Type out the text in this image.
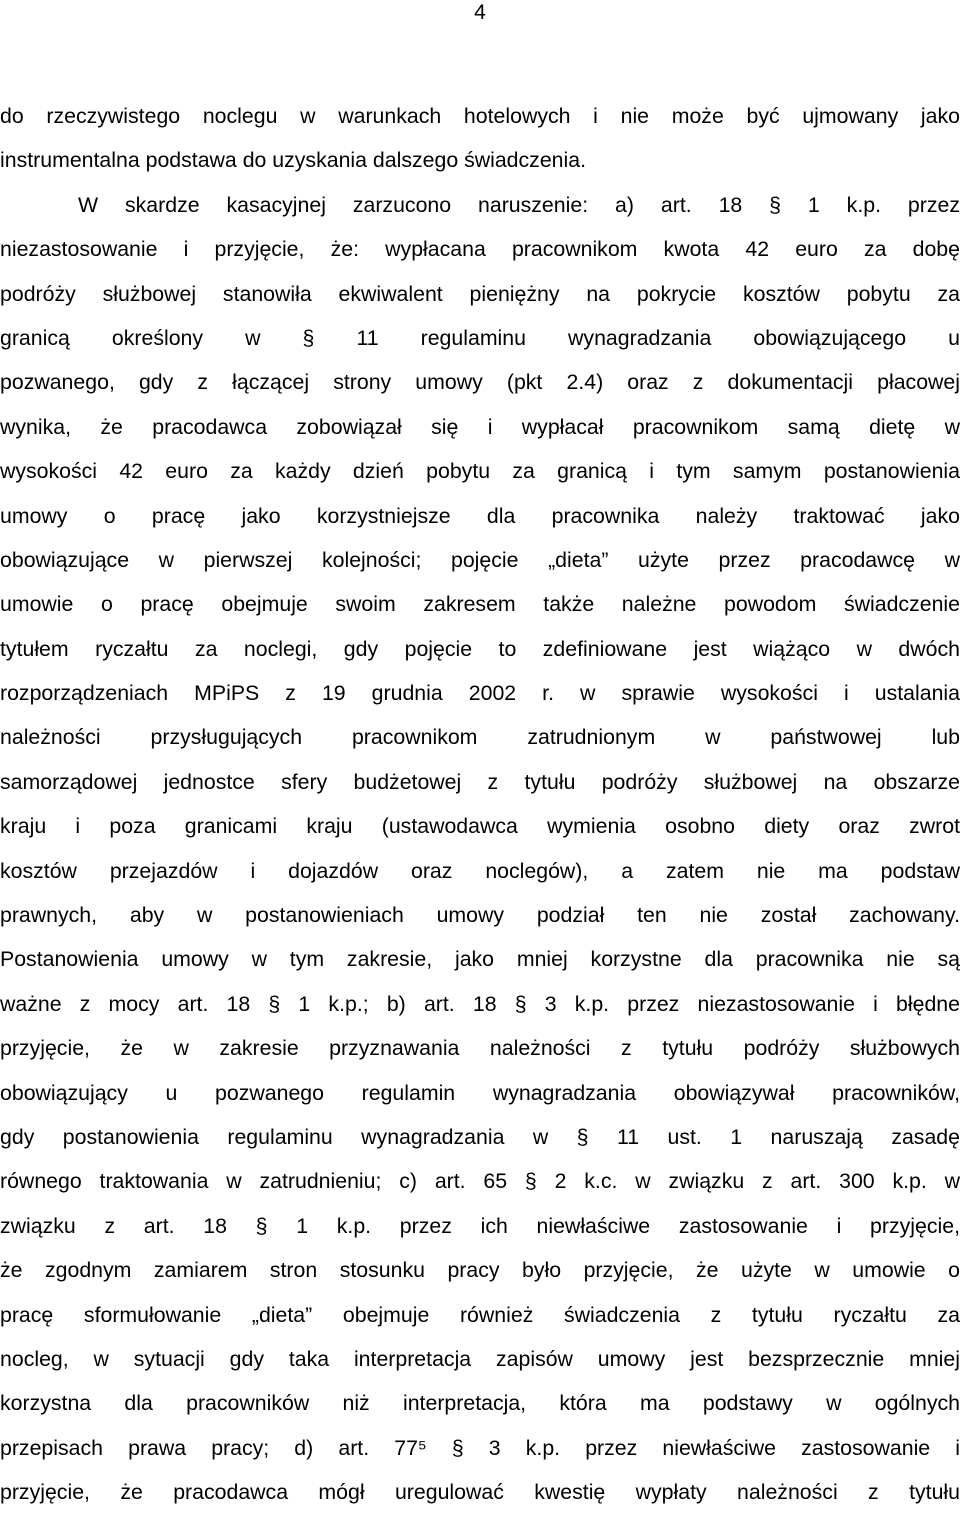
4
do rzeczywistego noclegu w warunkach hotelowych i nie może być ujmowany jako
instrumentalna podstawa do uzyskania dalszego świadczenia.
W skardze kasacyjnej zarzucono naruszenie: a) art. 18 § 1 k.p. przez
niezastosowanie i przyjęcie, że: wypłacana pracownikom kwota 42 euro za dobę
podróży służbowej stanowiła ekwiwalent pieniężny na pokrycie kosztów pobytu za
granicą określony w § 11 regulaminu wynagradzania obowiązującego u
pozwanego, gdy z łączącej strony umowy (pkt 2.4) oraz z dokumentacji płacowej
wynika, że pracodawca zobowiązał się i wypłacał pracownikom samą dietę w
wysokości 42 euro za każdy dzień pobytu za granicą i tym samym postanowienia
umowy o pracę jako korzystniejsze dla pracownika należy traktować jako
obowiązujące w pierwszej kolejności; pojęcie „dieta” użyte przez pracodawcę w
umowie o pracę obejmuje swoim zakresem także należne powodom świadczenie
tytułem ryczałtu za noclegi, gdy pojęcie to zdefiniowane jest wiążąco w dwóch
rozporządzeniach MPiPS z 19 grudnia 2002 r. w sprawie wysokości i ustalania
należności przysługujących pracownikom zatrudnionym w państwowej lub
samorządowej jednostce sfery budżetowej z tytułu podróży służbowej na obszarze
kraju i poza granicami kraju (ustawodawca wymienia osobno diety oraz zwrot
kosztów przejazdów i dojazdów oraz noclegów), a zatem nie ma podstaw
prawnych, aby w postanowieniach umowy podział ten nie został zachowany.
Postanowienia umowy w tym zakresie, jako mniej korzystne dla pracownika nie są
ważne z mocy art. 18 § 1 k.p.; b) art. 18 § 3 k.p. przez niezastosowanie i błędne
przyjęcie, że w zakresie przyznawania należności z tytułu podróży służbowych
obowiązujący u pozwanego regulamin wynagradzania obowiązywał pracowników,
gdy postanowienia regulaminu wynagradzania w § 11 ust. 1 naruszają zasadę
równego traktowania w zatrudnieniu; c) art. 65 § 2 k.c. w związku z art. 300 k.p. w
związku z art. 18 § 1 k.p. przez ich niewłaściwe zastosowanie i przyjęcie,
że zgodnym zamiarem stron stosunku pracy było przyjęcie, że użyte w umowie o
pracę sformułowanie „dieta” obejmuje również świadczenia z tytułu ryczałtu za
nocleg, w sytuacji gdy taka interpretacja zapisów umowy jest bezsprzecznie mniej
korzystna dla pracowników niż interpretacja, która ma podstawy w ogólnych
przepisach prawa pracy; d) art. 77⁵ § 3 k.p. przez niewłaściwe zastosowanie i
przyjęcie, że pracodawca mógł uregulować kwestię wypłaty należności z tytułu
